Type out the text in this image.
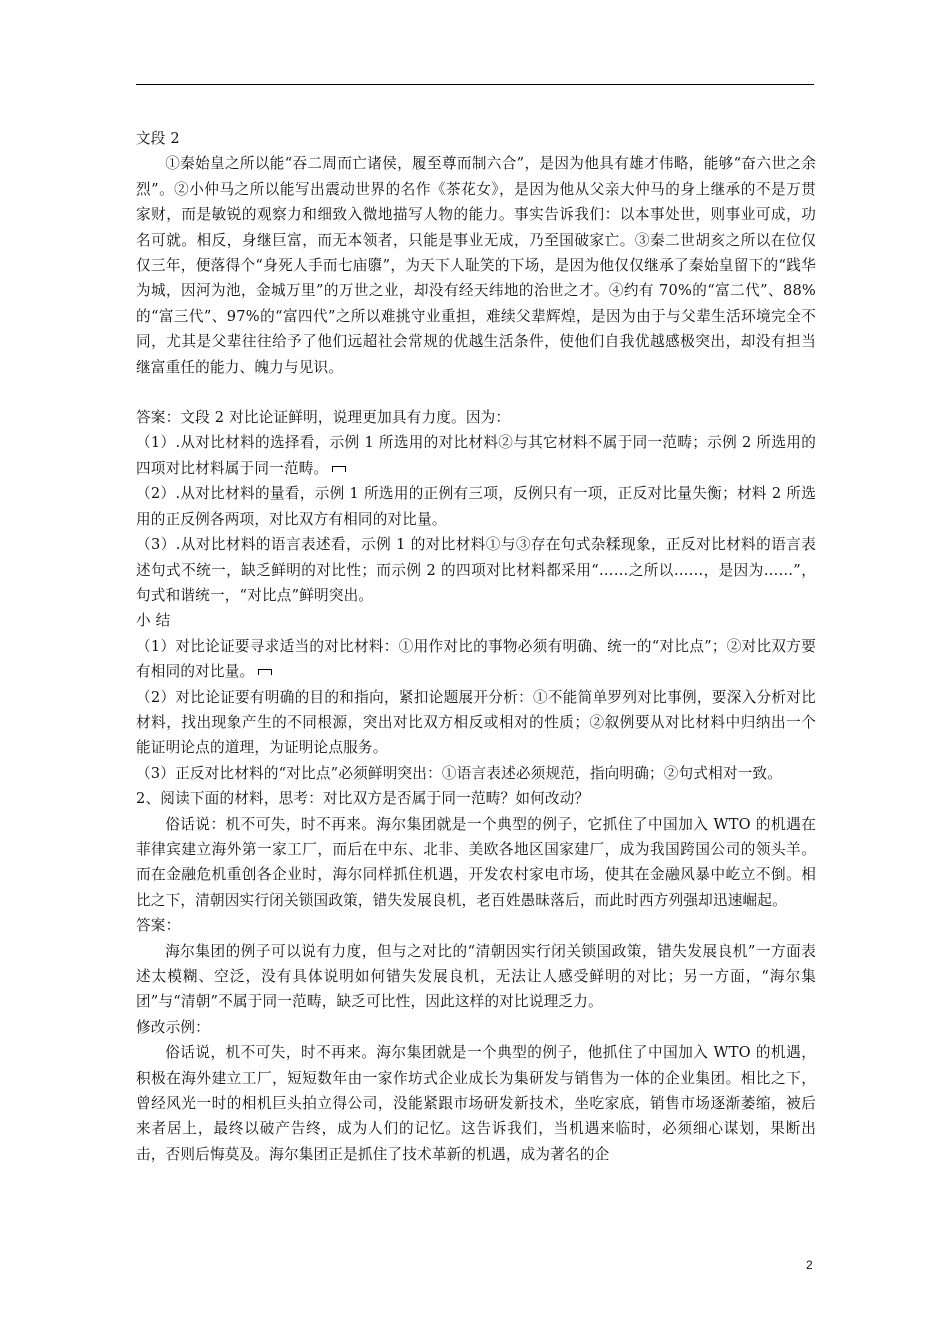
文段 2

①秦始皇之所以能“吞二周而亡诸侯，履至尊而制六合”，是因为他具有雄才伟略，能够“奋六世之余烈”。②小仲马之所以能写出震动世界的名作《茶花女》，是因为他从父亲大仲马的身上继承的不是万贯家财，而是敏锐的观察力和细致入微地描写人物的能力。事实告诉我们：以本事处世，则事业可成，功名可就。相反，身继巨富，而无本领者，只能是事业无成，乃至国破家亡。③秦二世胡亥之所以在位仅仅三年，便落得个“身死人手而七庙隳”，为天下人耻笑的下场，是因为他仅仅继承了秦始皇留下的“践华为城，因河为池，金城万里”的万世之业，却没有经天纬地的治世之才。④约有 70%的“富二代”、88%的“富三代”、97%的“富四代”之所以难挑守业重担，难续父辈辉煌，是因为由于与父辈生活环境完全不同，尤其是父辈往往给予了他们远超社会常规的优越生活条件，使他们自我优越感极突出，却没有担当继富重任的能力、魄力与见识。

答案：文段 2 对比论证鲜明，说理更加具有力度。因为：

（1）.从对比材料的选择看，示例 1 所选用的对比材料②与其它材料不属于同一范畴；示例 2 所选用的四项对比材料属于同一范畴。

（2）.从对比材料的量看，示例 1 所选用的正例有三项，反例只有一项，正反对比量失衡；材料 2 所选用的正反例各两项，对比双方有相同的对比量。

（3）.从对比材料的语言表述看，示例 1 的对比材料①与③存在句式杂糅现象，正反对比材料的语言表述句式不统一，缺乏鲜明的对比性；而示例 2 的四项对比材料都采用“……之所以……，是因为……”，句式和谐统一，“对比点”鲜明突出。

小 结

（1）对比论证要寻求适当的对比材料：①用作对比的事物必须有明确、统一的“对比点”；②对比双方要有相同的对比量。

（2）对比论证要有明确的目的和指向，紧扣论题展开分析：①不能简单罗列对比事例，要深入分析对比材料，找出现象产生的不同根源，突出对比双方相反或相对的性质；②叙例要从对比材料中归纳出一个能证明论点的道理，为证明论点服务。

（3）正反对比材料的“对比点”必须鲜明突出：①语言表述必须规范，指向明确；②句式相对一致。

2、阅读下面的材料，思考：对比双方是否属于同一范畴？如何改动？

俗话说：机不可失，时不再来。海尔集团就是一个典型的例子，它抓住了中国加入 WTO 的机遇在菲律宾建立海外第一家工厂，而后在中东、北非、美欧各地区国家建厂，成为我国跨国公司的领头羊。而在金融危机重创各企业时，海尔同样抓住机遇，开发农村家电市场，使其在金融风暴中屹立不倒。相比之下，清朝因实行闭关锁国政策，错失发展良机，老百姓愚昧落后，而此时西方列强却迅速崛起。

答案：

海尔集团的例子可以说有力度，但与之对比的“清朝因实行闭关锁国政策，错失发展良机”一方面表述太模糊、空泛，没有具体说明如何错失发展良机，无法让人感受鲜明的对比；另一方面，“海尔集团”与“清朝”不属于同一范畴，缺乏可比性，因此这样的对比说理乏力。

修改示例：

俗话说，机不可失，时不再来。海尔集团就是一个典型的例子，他抓住了中国加入 WTO 的机遇，积极在海外建立工厂，短短数年由一家作坊式企业成长为集研发与销售为一体的企业集团。相比之下，曾经风光一时的相机巨头拍立得公司，没能紧跟市场研发新技术，坐吃家底，销售市场逐渐萎缩，被后来者居上，最终以破产告终，成为人们的记忆。这告诉我们，当机遇来临时，必须细心谋划，果断出击，否则后悔莫及。海尔集团正是抓住了技术革新的机遇，成为著名的企

2
